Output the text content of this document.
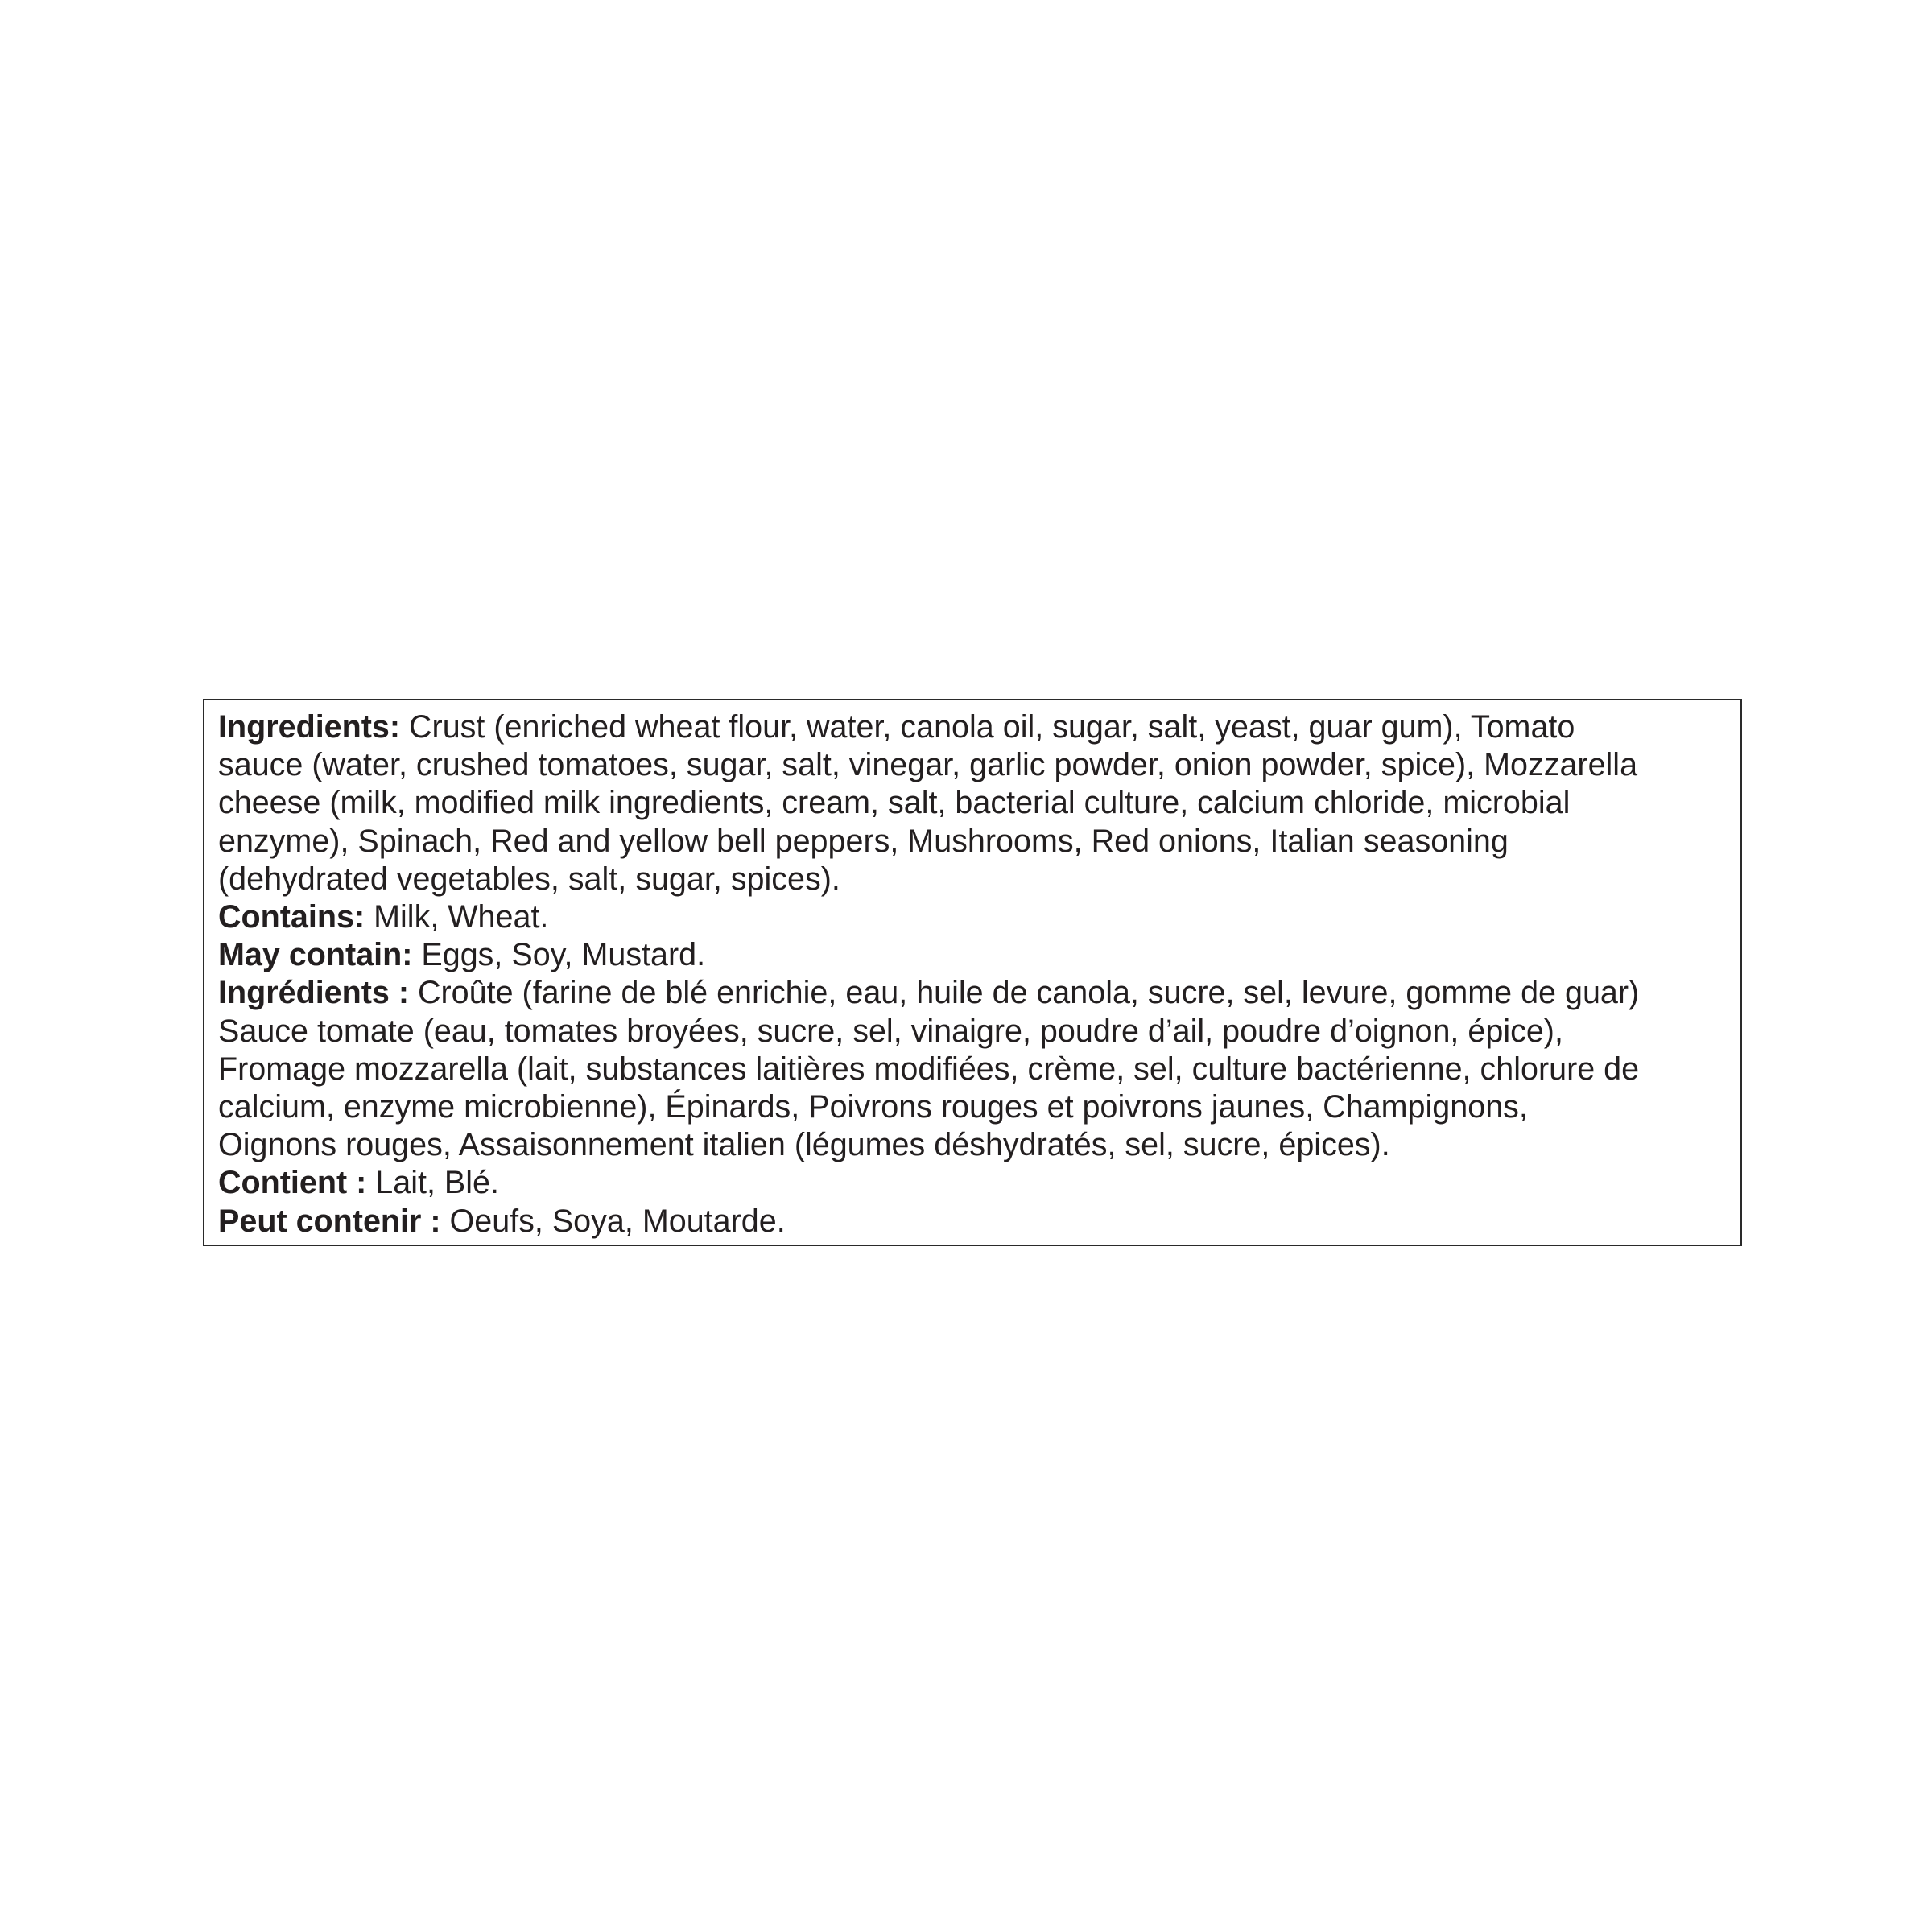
Ingredients: Crust (enriched wheat flour, water, canola oil, sugar, salt, yeast, guar gum), Tomato
sauce (water, crushed tomatoes, sugar, salt, vinegar, garlic powder, onion powder, spice), Mozzarella
cheese (milk, modified milk ingredients, cream, salt, bacterial culture, calcium chloride, microbial
enzyme), Spinach, Red and yellow bell peppers, Mushrooms, Red onions, Italian seasoning
(dehydrated vegetables, salt, sugar, spices).
Contains: Milk, Wheat.
May contain: Eggs, Soy, Mustard.
Ingrédients : Croûte (farine de blé enrichie, eau, huile de canola, sucre, sel, levure, gomme de guar)
Sauce tomate (eau, tomates broyées, sucre, sel, vinaigre, poudre d’ail, poudre d’oignon, épice),
Fromage mozzarella (lait, substances laitières modifiées, crème, sel, culture bactérienne, chlorure de
calcium, enzyme microbienne), Épinards, Poivrons rouges et poivrons jaunes, Champignons,
Oignons rouges, Assaisonnement italien (légumes déshydratés, sel, sucre, épices).
Contient : Lait, Blé.
Peut contenir : Oeufs, Soya, Moutarde.
